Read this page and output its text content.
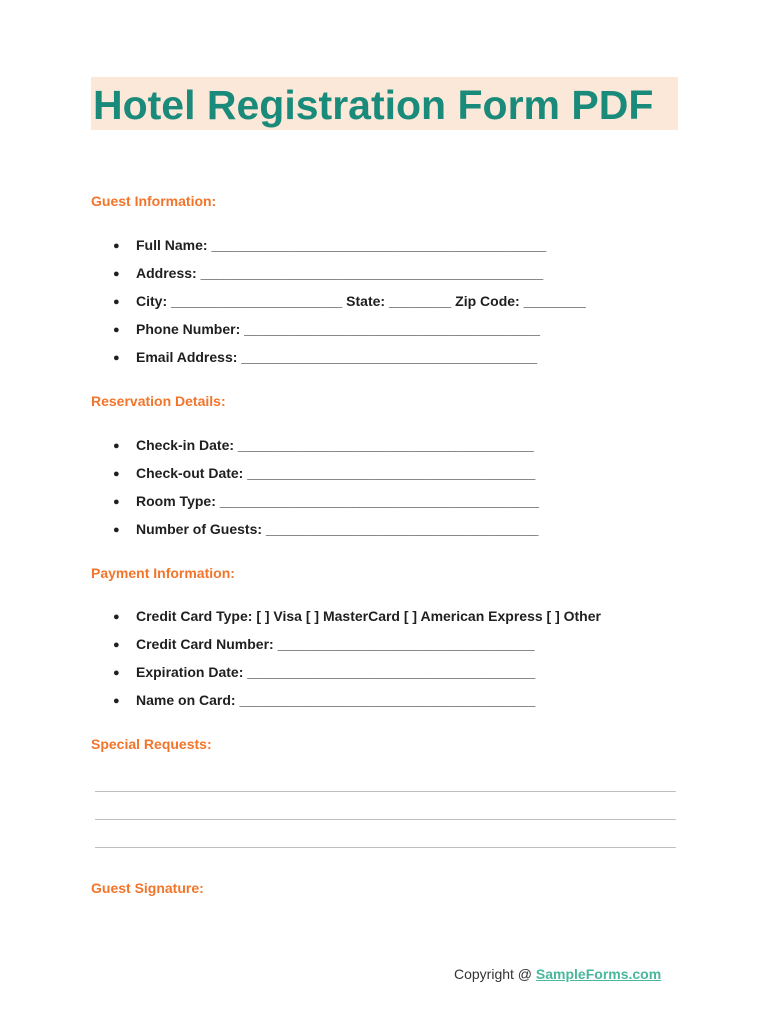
Hotel Registration Form PDF
Guest Information:
● Full Name: ___________________________________________
● Address: ____________________________________________
● City: ______________________ State: ________ Zip Code: ________
● Phone Number: ______________________________________
● Email Address: ______________________________________
Reservation Details:
● Check-in Date: ______________________________________
● Check-out Date: _____________________________________
● Room Type: _________________________________________
● Number of Guests: ___________________________________
Payment Information:
● Credit Card Type: [ ] Visa [ ] MasterCard [ ] American Express [ ] Other
● Credit Card Number: _________________________________
● Expiration Date: _____________________________________
● Name on Card: ______________________________________
Special Requests:
Guest Signature:
Copyright @ SampleForms.com
